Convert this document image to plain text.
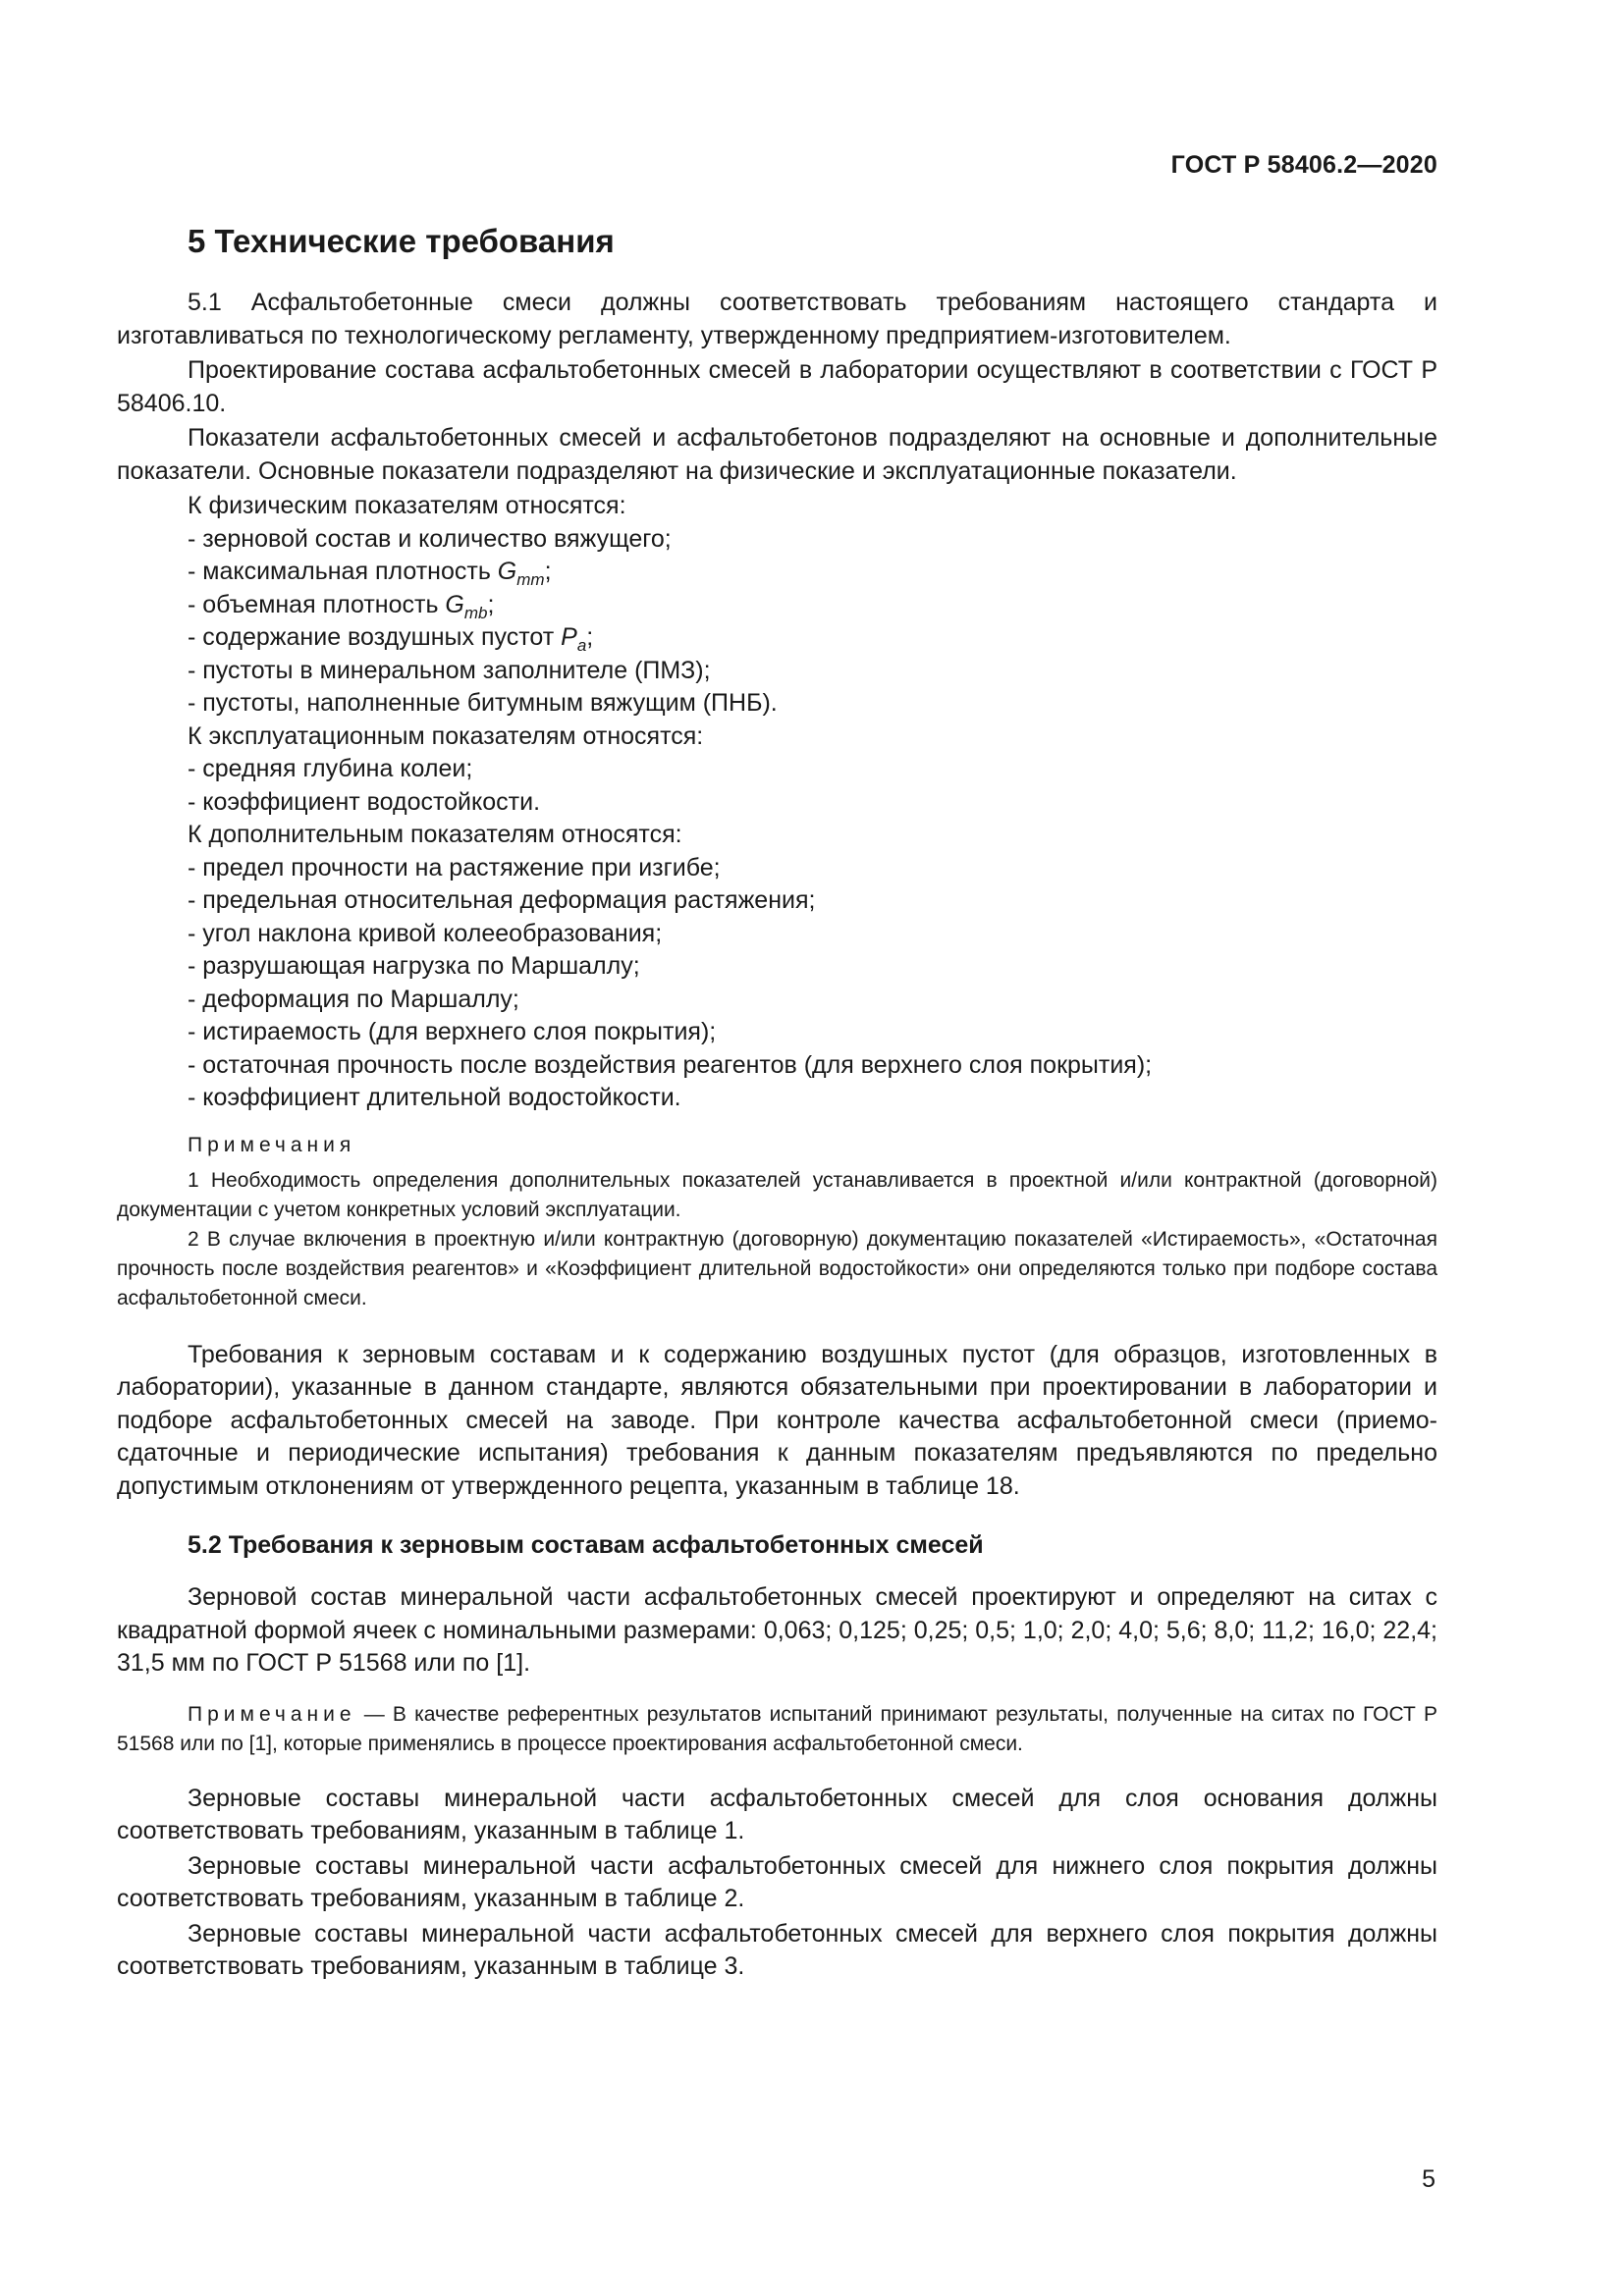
ГОСТ Р 58406.2—2020

5 Технические требования

5.1 Асфальтобетонные смеси должны соответствовать требованиям настоящего стандарта и изготавливаться по технологическому регламенту, утвержденному предприятием-изготовителем.

Проектирование состава асфальтобетонных смесей в лаборатории осуществляют в соответствии с ГОСТ Р 58406.10.

Показатели асфальтобетонных смесей и асфальтобетонов подразделяют на основные и дополнительные показатели. Основные показатели подразделяют на физические и эксплуатационные показатели.

К физическим показателям относятся:
- зерновой состав и количество вяжущего;
- максимальная плотность $G_{mm}$;
- объемная плотность $G_{mb}$;
- содержание воздушных пустот $P_a$;
- пустоты в минеральном заполнителе (ПМЗ);
- пустоты, наполненные битумным вяжущим (ПНБ).
К эксплуатационным показателям относятся:
- средняя глубина колеи;
- коэффициент водостойкости.
К дополнительным показателям относятся:
- предел прочности на растяжение при изгибе;
- предельная относительная деформация растяжения;
- угол наклона кривой колееобразования;
- разрушающая нагрузка по Маршаллу;
- деформация по Маршаллу;
- истираемость (для верхнего слоя покрытия);
- остаточная прочность после воздействия реагентов (для верхнего слоя покрытия);
- коэффициент длительной водостойкости.

Примечания

1 Необходимость определения дополнительных показателей устанавливается в проектной и/или контрактной (договорной) документации с учетом конкретных условий эксплуатации.

2 В случае включения в проектную и/или контрактную (договорную) документацию показателей «Истираемость», «Остаточная прочность после воздействия реагентов» и «Коэффициент длительной водостойкости» они определяются только при подборе состава асфальтобетонной смеси.

Требования к зерновым составам и к содержанию воздушных пустот (для образцов, изготовленных в лаборатории), указанные в данном стандарте, являются обязательными при проектировании в лаборатории и подборе асфальтобетонных смесей на заводе. При контроле качества асфальтобетонной смеси (приемо-сдаточные и периодические испытания) требования к данным показателям предъявляются по предельно допустимым отклонениям от утвержденного рецепта, указанным в таблице 18.

5.2 Требования к зерновым составам асфальтобетонных смесей

Зерновой состав минеральной части асфальтобетонных смесей проектируют и определяют на ситах с квадратной формой ячеек с номинальными размерами: 0,063; 0,125; 0,25; 0,5; 1,0; 2,0; 4,0; 5,6; 8,0; 11,2; 16,0; 22,4; 31,5 мм по ГОСТ Р 51568 или по [1].

Примечание — В качестве референтных результатов испытаний принимают результаты, полученные на ситах по ГОСТ Р 51568 или по [1], которые применялись в процессе проектирования асфальтобетонной смеси.

Зерновые составы минеральной части асфальтобетонных смесей для слоя основания должны соответствовать требованиям, указанным в таблице 1.

Зерновые составы минеральной части асфальтобетонных смесей для нижнего слоя покрытия должны соответствовать требованиям, указанным в таблице 2.

Зерновые составы минеральной части асфальтобетонных смесей для верхнего слоя покрытия должны соответствовать требованиям, указанным в таблице 3.

5
